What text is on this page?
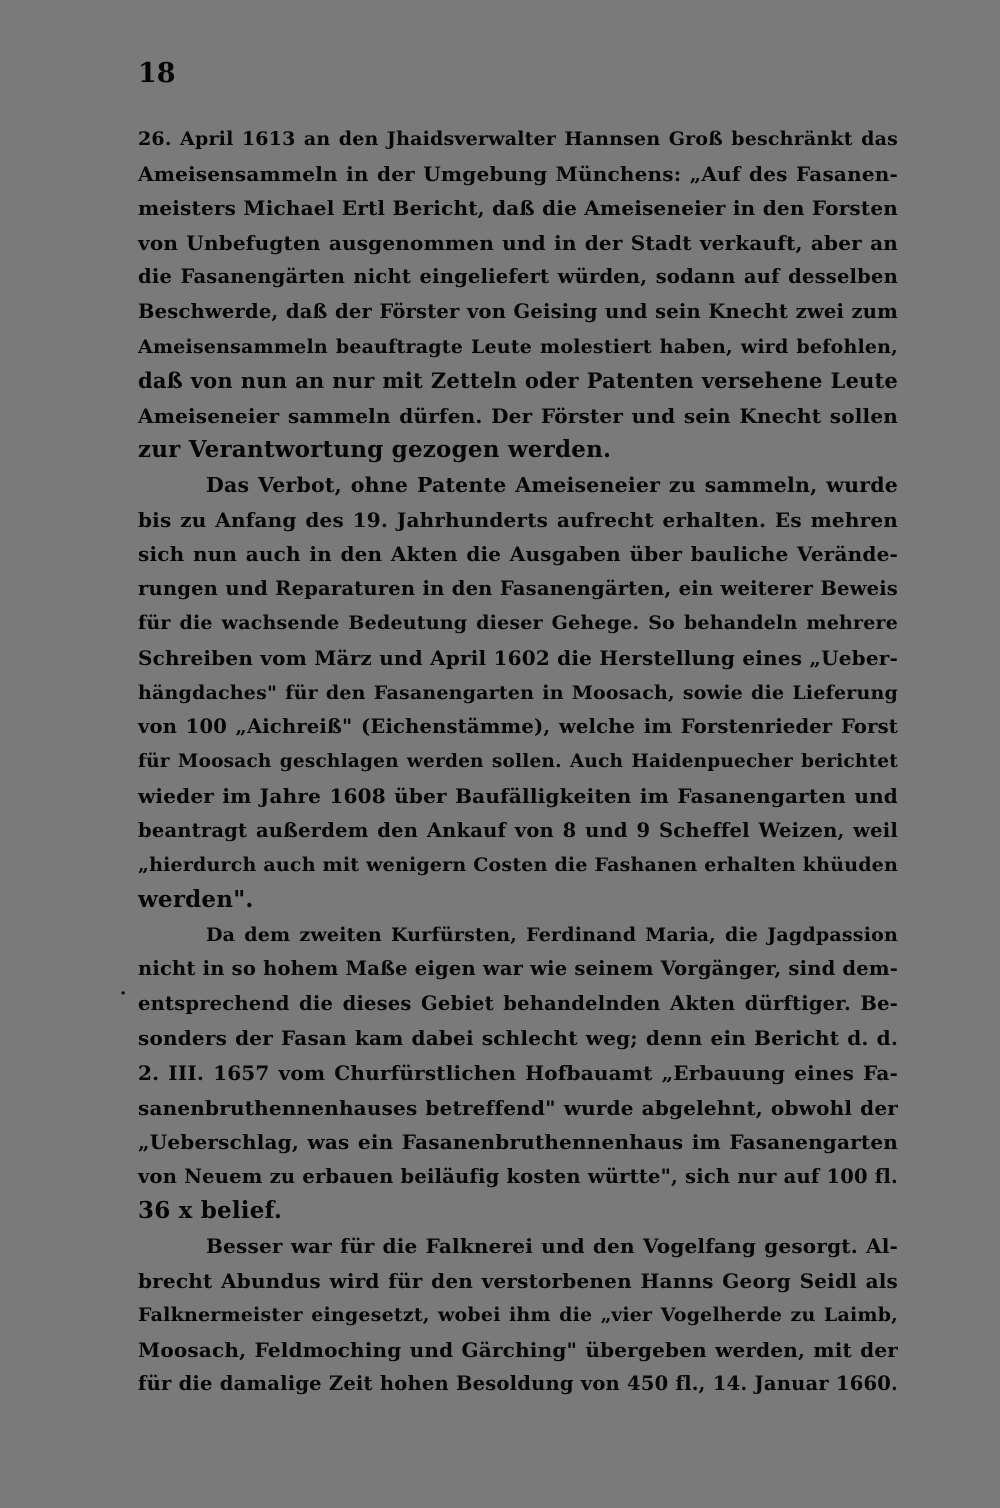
18
·
26. April 1613 an den Jhaidsverwalter Hannsen Groß beschränkt das
Ameisensammeln in der Umgebung Münchens: „Auf des Fasanen-
meisters Michael Ertl Bericht, daß die Ameiseneier in den Forsten
von Unbefugten ausgenommen und in der Stadt verkauft, aber an
die Fasanengärten nicht eingeliefert würden, sodann auf desselben
Beschwerde, daß der Förster von Geising und sein Knecht zwei zum
Ameisensammeln beauftragte Leute molestiert haben, wird befohlen,
daß von nun an nur mit Zetteln oder Patenten versehene Leute
Ameiseneier sammeln dürfen. Der Förster und sein Knecht sollen
zur Verantwortung gezogen werden.
Das Verbot, ohne Patente Ameiseneier zu sammeln, wurde
bis zu Anfang des 19. Jahrhunderts aufrecht erhalten. Es mehren
sich nun auch in den Akten die Ausgaben über bauliche Verände-
rungen und Reparaturen in den Fasanengärten, ein weiterer Beweis
für die wachsende Bedeutung dieser Gehege. So behandeln mehrere
Schreiben vom März und April 1602 die Herstellung eines „Ueber-
hängdaches" für den Fasanengarten in Moosach, sowie die Lieferung
von 100 „Aichreiß" (Eichenstämme), welche im Forstenrieder Forst
für Moosach geschlagen werden sollen. Auch Haidenpuecher berichtet
wieder im Jahre 1608 über Baufälligkeiten im Fasanengarten und
beantragt außerdem den Ankauf von 8 und 9 Scheffel Weizen, weil
„hierdurch auch mit wenigern Costen die Fashanen erhalten khüuden
werden".
Da dem zweiten Kurfürsten, Ferdinand Maria, die Jagdpassion
nicht in so hohem Maße eigen war wie seinem Vorgänger, sind dem-
entsprechend die dieses Gebiet behandelnden Akten dürftiger. Be-
sonders der Fasan kam dabei schlecht weg; denn ein Bericht d. d.
2. III. 1657 vom Churfürstlichen Hofbauamt „Erbauung eines Fa-
sanenbruthennenhauses betreffend" wurde abgelehnt, obwohl der
„Ueberschlag, was ein Fasanenbruthennenhaus im Fasanengarten
von Neuem zu erbauen beiläufig kosten württe", sich nur auf 100 fl.
36 x belief.
Besser war für die Falknerei und den Vogelfang gesorgt. Al-
brecht Abundus wird für den verstorbenen Hanns Georg Seidl als
Falknermeister eingesetzt, wobei ihm die „vier Vogelherde zu Laimb,
Moosach, Feldmoching und Gärching" übergeben werden, mit der
für die damalige Zeit hohen Besoldung von 450 fl., 14. Januar 1660.
